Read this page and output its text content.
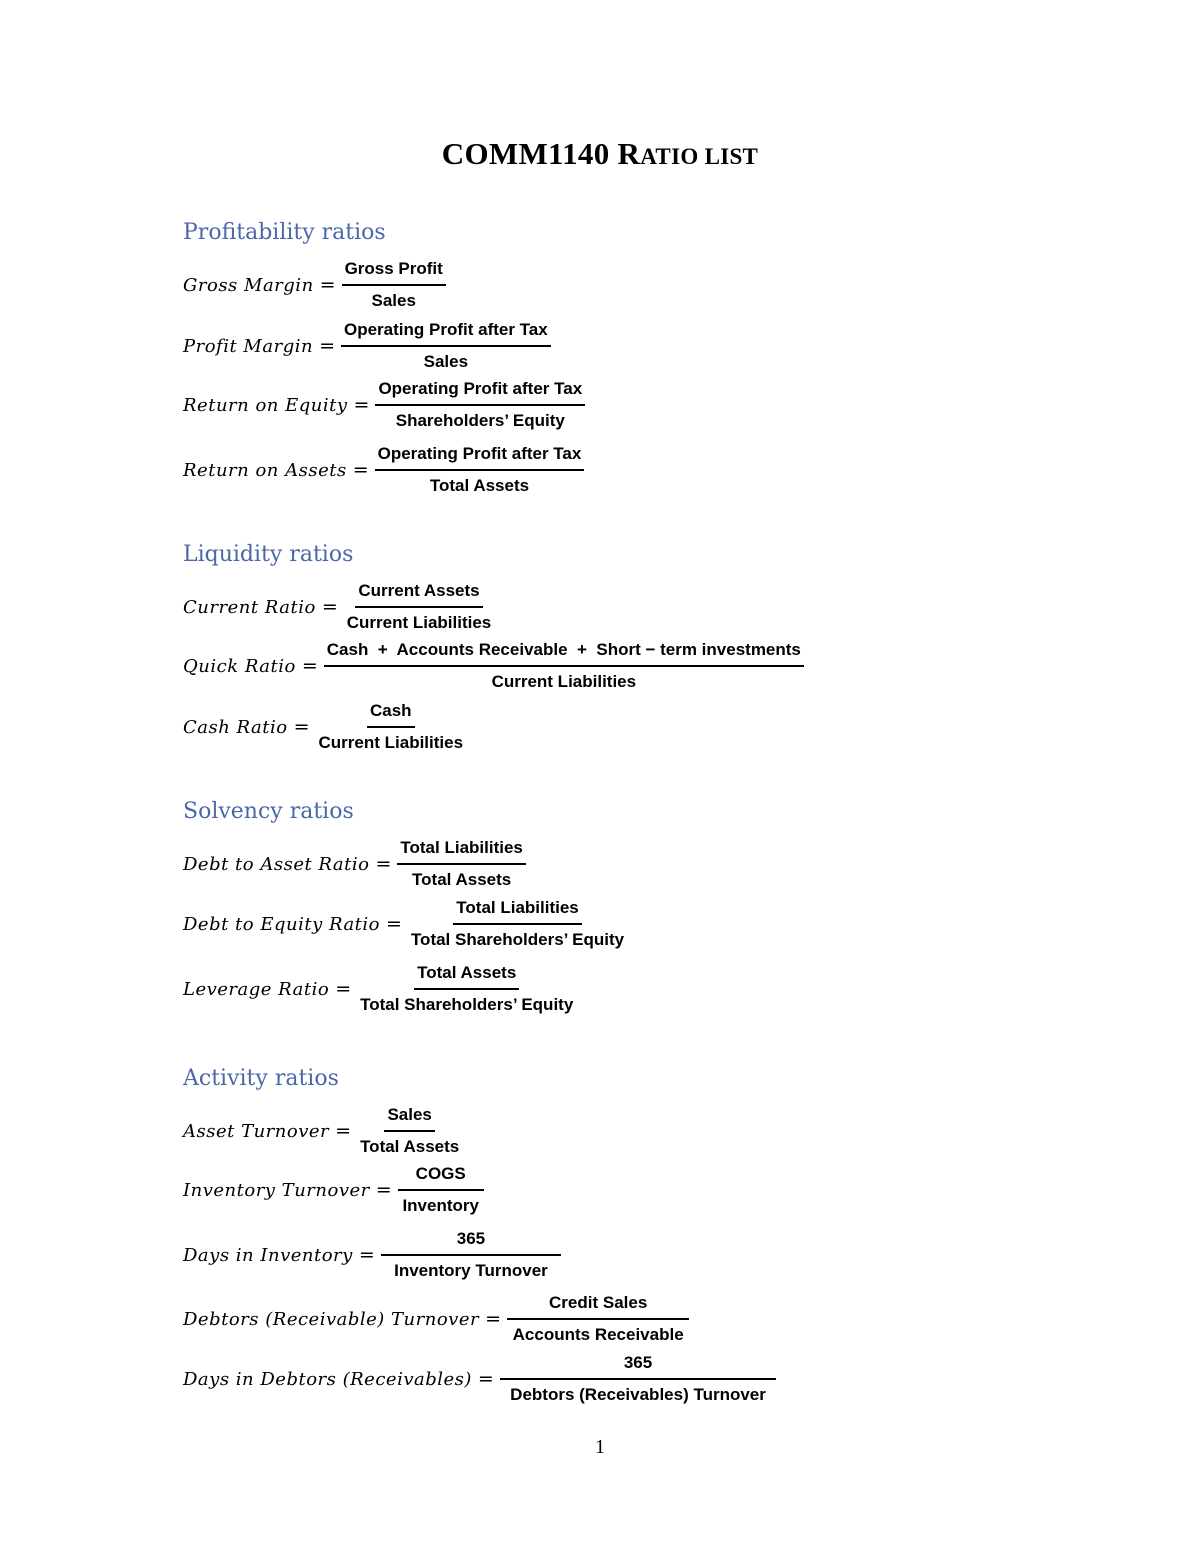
COMM1140 RATIO LIST
Profitability ratios
Gross Margin = $\frac{\text{Gross Profit}}{\text{Sales}}$
Profit Margin = $\frac{\text{Operating Profit after Tax}}{\text{Sales}}$
Return on Equity = $\frac{\text{Operating Profit after Tax}}{\text{Shareholders’ Equity}}$
Return on Assets = $\frac{\text{Operating Profit after Tax}}{\text{Total Assets}}$
Liquidity ratios
Current Ratio = $\frac{\text{Current Assets}}{\text{Current Liabilities}}$
Quick Ratio = $\frac{\text{Cash  +  Accounts Receivable  +  Short − term investments}}{\text{Current Liabilities}}$
Cash Ratio = $\frac{\text{Cash}}{\text{Current Liabilities}}$
Solvency ratios
Debt to Asset Ratio = $\frac{\text{Total Liabilities}}{\text{Total Assets}}$
Debt to Equity Ratio = $\frac{\text{Total Liabilities}}{\text{Total Shareholders’ Equity}}$
Leverage Ratio = $\frac{\text{Total Assets}}{\text{Total Shareholders’ Equity}}$
Activity ratios
Asset Turnover = $\frac{\text{Sales}}{\text{Total Assets}}$
Inventory Turnover = $\frac{\text{COGS}}{\text{Inventory}}$
Days in Inventory = $\frac{365}{\text{Inventory Turnover}}$
Debtors (Receivable) Turnover = $\frac{\text{Credit Sales}}{\text{Accounts Receivable}}$
Days in Debtors (Receivables) = $\frac{365}{\text{Debtors (Receivables) Turnover}}$
1
